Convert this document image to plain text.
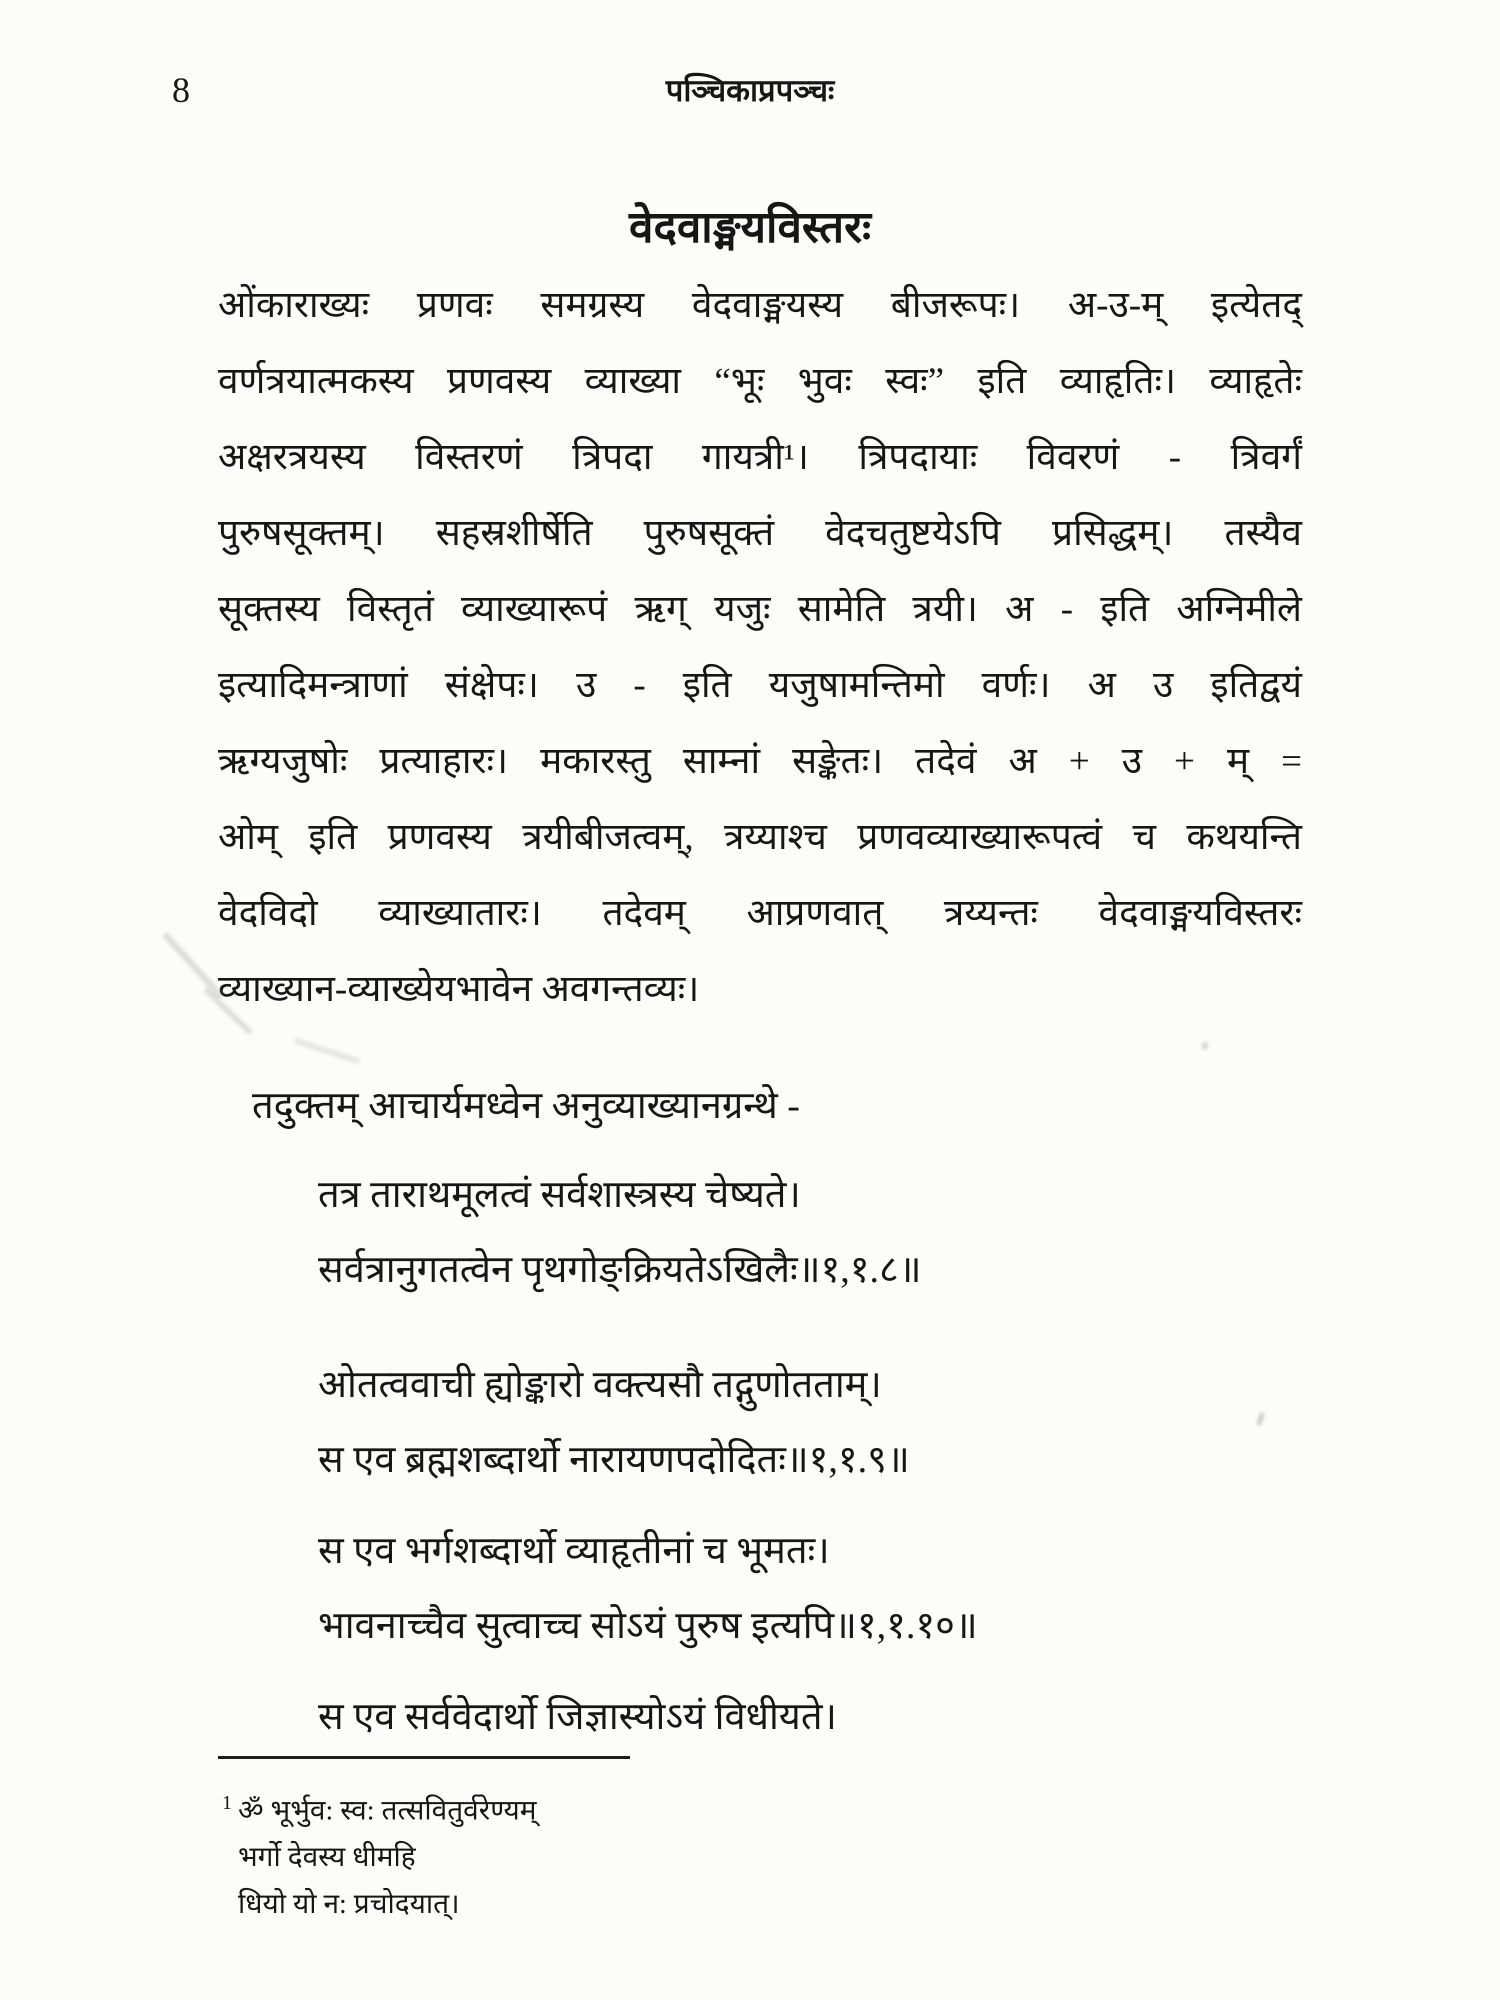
8	पञ्चिकाप्रपञ्चः
वेदवाङ्मयविस्तरः
ओंकाराख्यः प्रणवः समग्रस्य वेदवाङ्मयस्य बीजरूपः। अ-उ-म् इत्येतद्
वर्णत्रयात्मकस्य प्रणवस्य व्याख्या “भूः भुवः स्वः” इति व्याहृतिः। व्याहृतेः
अक्षरत्रयस्य विस्तरणं त्रिपदा गायत्री¹। त्रिपदायाः विवरणं - त्रिवर्गं
पुरुषसूक्तम्। सहस्रशीर्षेति पुरुषसूक्तं वेदचतुष्टयेऽपि प्रसिद्धम्। तस्यैव
सूक्तस्य विस्तृतं व्याख्यारूपं ऋग् यजुः सामेति त्रयी। अ - इति अग्निमीले
इत्यादिमन्त्राणां संक्षेपः। उ - इति यजुषामन्तिमो वर्णः। अ उ इतिद्वयं
ऋग्यजुषोः प्रत्याहारः। मकारस्तु साम्नां सङ्केतः। तदेवं अ + उ + म् =
ओम् इति प्रणवस्य त्रयीबीजत्वम्, त्रय्याश्च प्रणवव्याख्यारूपत्वं च कथयन्ति
वेदविदो व्याख्यातारः। तदेवम् आप्रणवात् त्रय्यन्तः वेदवाङ्मयविस्तरः
व्याख्यान-व्याख्येयभावेन अवगन्तव्यः।
तदुक्तम् आचार्यमध्वेन अनुव्याख्यानग्रन्थे -
तत्र ताराथमूलत्वं सर्वशास्त्रस्य चेष्यते।
सर्वत्रानुगतत्वेन पृथगोङ्क्रियतेऽखिलैः॥१,१.८॥
ओतत्ववाची ह्योङ्कारो वक्त्यसौ तद्गुणोतताम्।
स एव ब्रह्मशब्दार्थो नारायणपदोदितः॥१,१.९॥
स एव भर्गशब्दार्थो व्याहृतीनां च भूमतः।
भावनाच्चैव सुत्वाच्च सोऽयं पुरुष इत्यपि॥१,१.१०॥
स एव सर्ववेदार्थो जिज्ञास्योऽयं विधीयते।
$^1$ ॐ भूर्भुव: स्व: तत्सवितुर्वरेण्यम्
भर्गो देवस्य धीमहि
धियो यो न: प्रचोदयात्।
